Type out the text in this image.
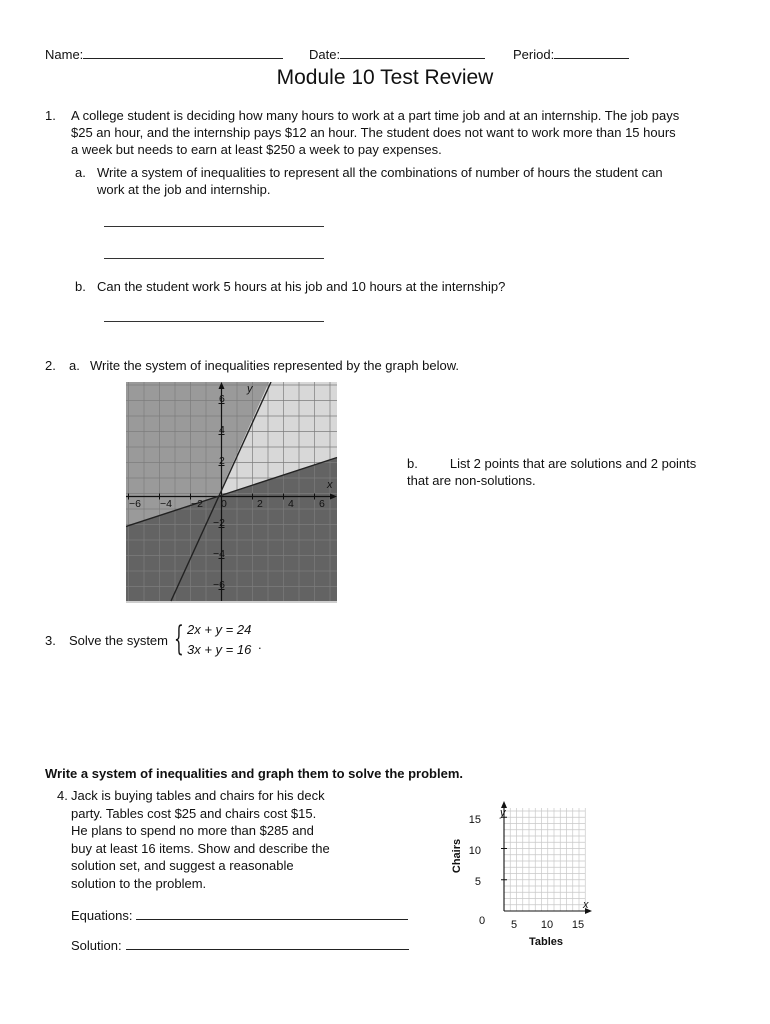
Name:	Date:	Period:
Module 10 Test Review
1. A college student is deciding how many hours to work at a part time job and at an internship. The job pays
$25 an hour, and the internship pays $12 an hour. The student does not want to work more than 15 hours
a week but needs to earn at least $250 a week to pay expenses.
a. Write a system of inequalities to represent all the combinations of number of hours the student can
work at the job and internship.
b. Can the student work 5 hours at his job and 10 hours at the internship?
2. a. Write the system of inequalities represented by the graph below.
y
x
−6 −4 −2 0	2 4 6
6
4
2
−2
−4
−6
b. List 2 points that are solutions and 2 points
that are non-solutions.
3. Solve the system { 2x + y = 24
3x + y = 16 .
Write a system of inequalities and graph them to solve the problem.
4. Jack is buying tables and chairs for his deck
party. Tables cost $25 and chairs cost $15.
He plans to spend no more than $285 and
buy at least 16 items. Show and describe the
solution set, and suggest a reasonable
solution to the problem.
Equations:
Solution:
y
x
0 5 10 15
5
10
15
Tables
Chairs
